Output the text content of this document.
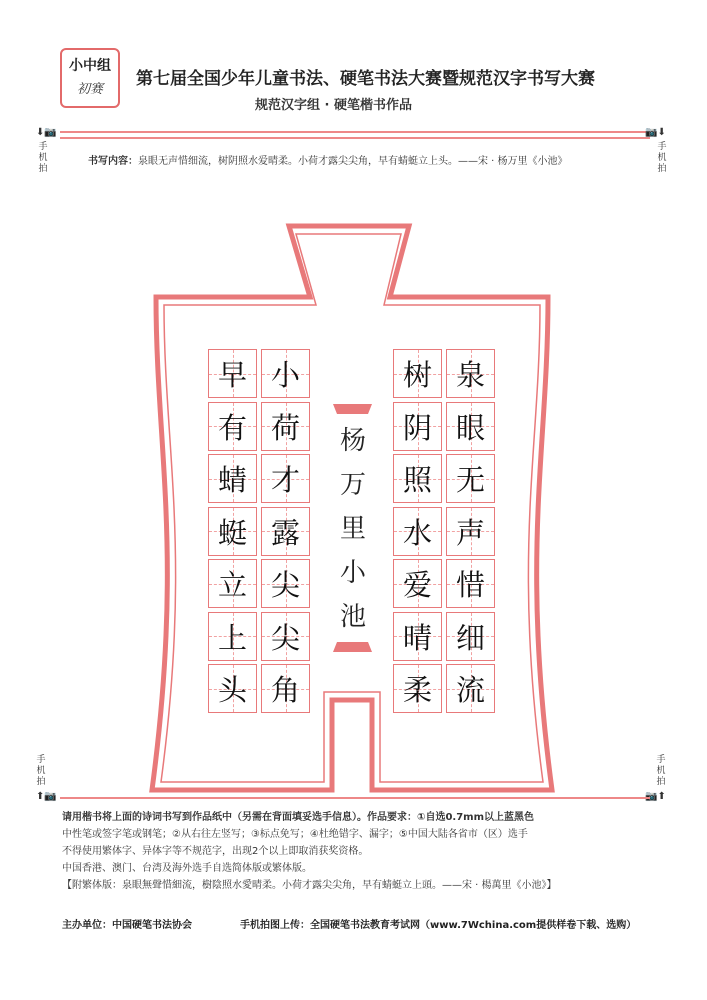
小中组
初赛
第七届全国少年儿童书法、硬笔书法大赛暨规范汉字书写大赛
规范汉字组 · 硬笔楷书作品
⬇📷	📷⬇
手机拍
手机拍
书写内容：泉眼无声惜细流，树阴照水爱晴柔。小荷才露尖尖角，早有蜻蜓立上头。——宋 · 杨万里《小池》
泉
眼
无
声
惜
细
流
树
阴
照
水
爱
晴
柔
小
荷
才
露
尖
尖
角
早
有
蜻
蜓
立
上
头
杨
万
里
小
池
手机拍
手机拍
⬆📷	📷⬆
请用楷书将上面的诗词书写到作品纸中（另需在背面填妥选手信息）。作品要求：①自选0.7mm以上蓝黑色
中性笔或签字笔或钢笔；②从右往左竖写；③标点免写；④杜绝错字、漏字；⑤中国大陆各省市（区）选手
不得使用繁体字、异体字等不规范字，出现2个以上即取消获奖资格。
中国香港、澳门、台湾及海外选手自选简体版或繁体版。
【附繁体版：泉眼無聲惜細流，樹陰照水愛晴柔。小荷才露尖尖角，早有蜻蜓立上頭。——宋 · 楊萬里《小池》】
主办单位：中国硬笔书法协会	手机拍图上传：全国硬笔书法教育考试网（www.7Wchina.com提供样卷下载、选购）
